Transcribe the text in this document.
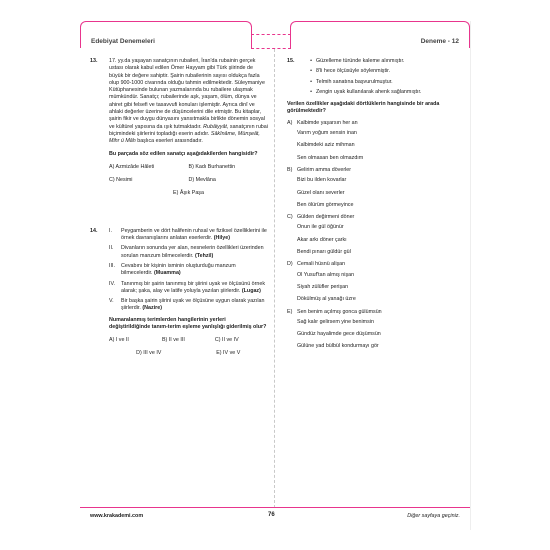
Edebiyat Denemeleri	Deneme - 12
13. 17. yy.da yaşayan sanatçının rubaileri, İran'da rubainin gerçek ustası olarak kabul edilen Ömer Hayyam gibi Türk şiirinde de büyük bir değere sahiptir. Şairin rubailerinin sayısı oldukça fazla olup 900-1000 civarında olduğu tahmin edilmektedir. Süleymaniye Kütüphanesinde bulunan yazmalarında bu rubailere ulaşmak mümkündür. Sanatçı; rubailerinde aşk, yaşam, ölüm, dünya ve ahiret gibi felsefi ve tasavvufi konuları işlemiştir. Ayrıca dinî ve ahlaki değerler üzerine de düşüncelerini dile etmiştir. Bu kitaplar, şairin fikir ve duygu dünyasını yansıtmakla birlikte dönemin sosyal ve kültürel yapısına da ışık tutmaktadır. Rubâiyyât, sanatçının rubai biçimindeki şiirlerini topladığı eserin adıdır. Sâkînâme, Münşeât, Mihr ü Mâh başlıca eserleri arasındadır.
Bu parçada söz edilen sanatçı aşağıdakilerden hangisidir?
A) Azmizâde Hâleti	B) Kadı Burhanettin
C) Nesimi	D) Mevlâna
E) Âşık Paşa
14. I.	Peygamberin ve dört halifenin ruhsal ve fiziksel özelliklerini ile örnek davranışlarını anlatan eserlerdir. (Hilye)
II.	Divanların sonunda yer alan, nesnelerin özellikleri üzerinden sorulan manzum bilmecelerdir. (Tehzil)
III.	Cevabını bir kişinin isminin oluşturduğu manzum bilmecelerdir. (Muamma)
IV.	Tanınmış bir şairin tanınmış bir şiirini uyak ve ölçüsünü örnek alarak; şaka, alay ve latife yoluyla yazılan şiirlerdir. (Lugaz)
V.	Bir başka şairin şiirini uyak ve ölçüsüne uygun olarak yazılan şiirlerdir. (Nazire)
Numaralanmış terimlerden hangilerinin yerleri değiştirildiğinde tanım-terim eşleme yanlışlığı giderilmiş olur?
A) I ve II	B) II ve III	C) II ve IV
D) III ve IV	E) IV ve V
15.	• Güzelleme türünde kaleme alınmıştır.
• 8'li hece ölçüsüyle söylenmiştir.
• Telmih sanatına başvurulmuştur.
• Zengin uyak kullanılarak ahenk sağlanmıştır.
Verilen özellikler aşağıdaki dörtlüklerin hangisinde bir arada görülmektedir?
A) Kalbimde yaşarsın her an
Varım yoğum sensin inan
Kalbimdeki aziz mihman
Sen olmasan ben olmazdım
B) Gelirim amma döverler
Bizi bu ilden kovarlar
Güzel olanı severler
Ben ölürüm görmeyince
C) Gülden değirmeni döner
Onun ile gül öğünür
Akar arkı döner çarkı
Bendi pınarı güldür gül
D) Cemali hüsnü alişan
Ol Yusuf'tan almış nişan
Siyah zülüfler perişan
Dökülmüş al yanağı üzre
E) Sen benim açılmış gonca gülümsün
Sağ kalır gelirsem yine benimsin
Gündüz hayalimde gece düşümsün
Gülüne yad bülbül kondurmayı gör
www.krakademi.com	76	Diğer sayfaya geçiniz.
